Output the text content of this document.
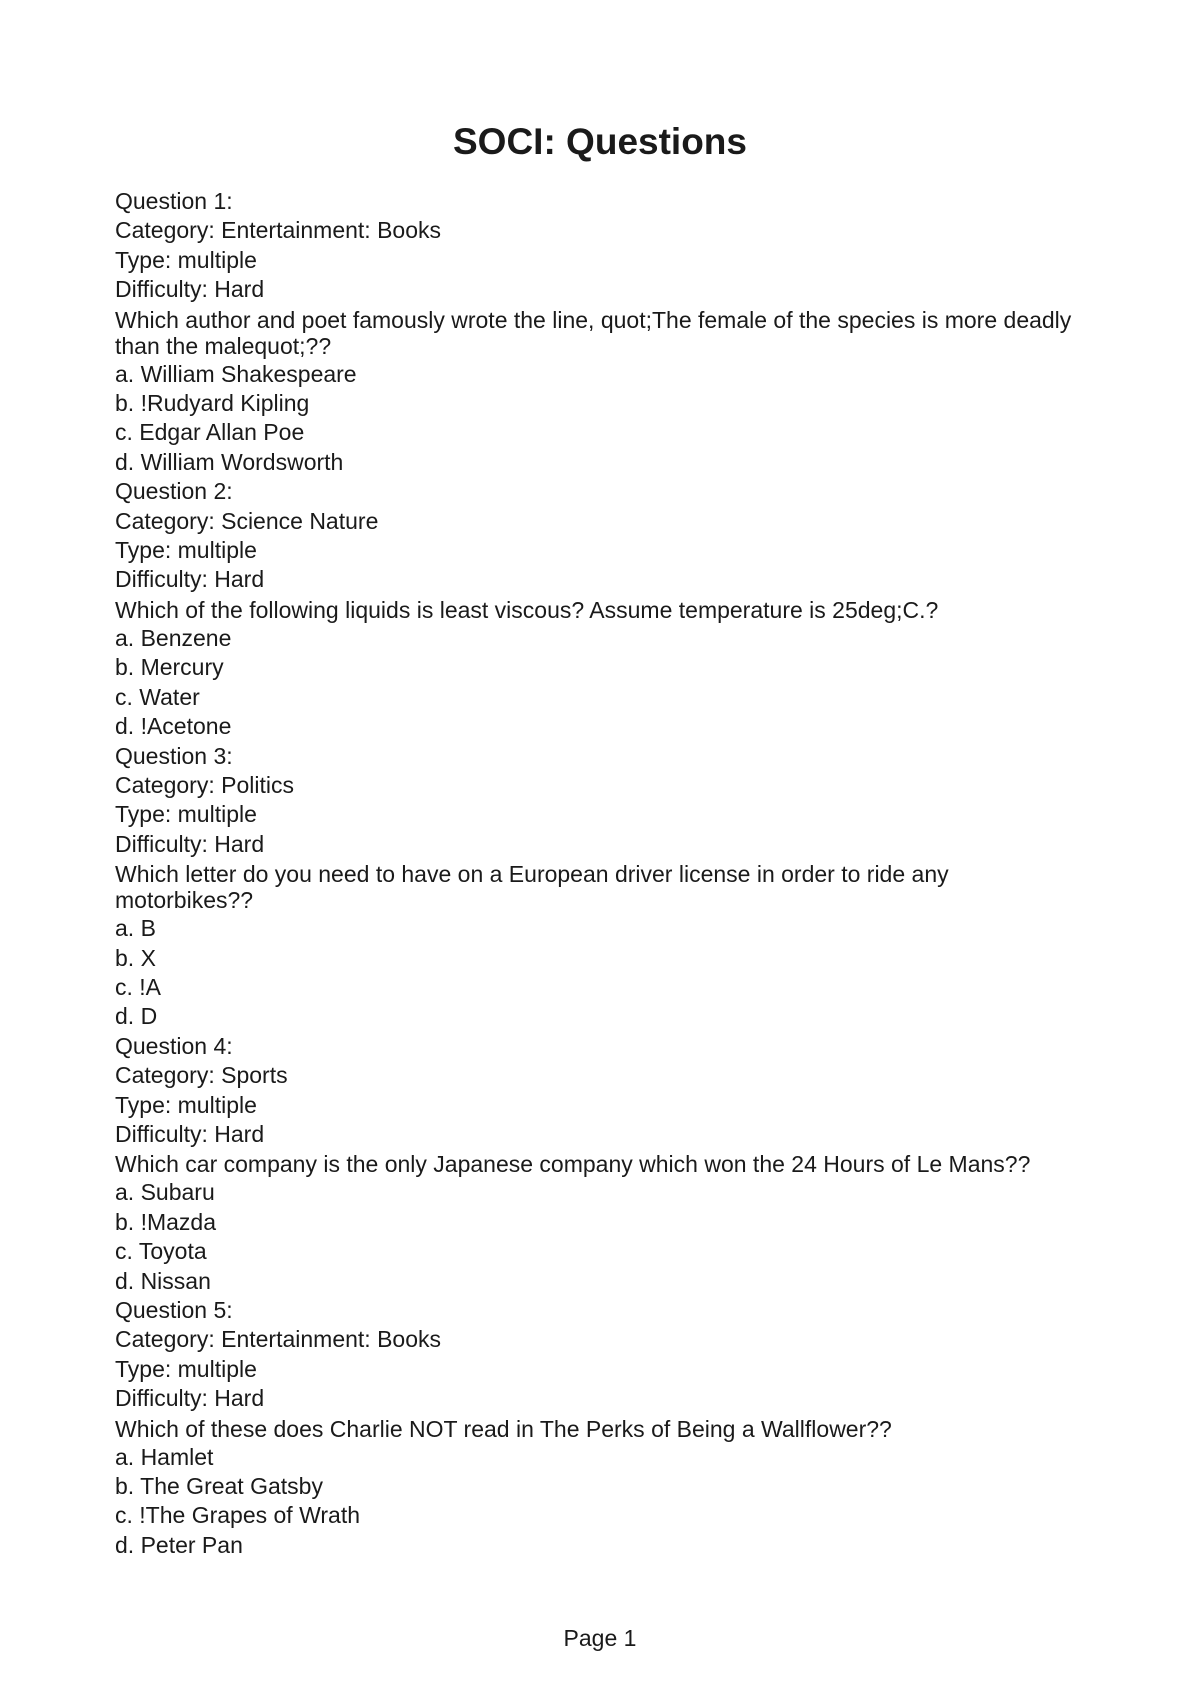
SOCI: Questions
Question 1:
Category: Entertainment: Books
Type: multiple
Difficulty: Hard
Which author and poet famously wrote the line, quot;The female of the species is more deadly than the malequot;??
a. William Shakespeare
b. !Rudyard Kipling
c. Edgar Allan Poe
d. William Wordsworth
Question 2:
Category: Science Nature
Type: multiple
Difficulty: Hard
Which of the following liquids is least viscous? Assume temperature is 25deg;C.?
a. Benzene
b. Mercury
c. Water
d. !Acetone
Question 3:
Category: Politics
Type: multiple
Difficulty: Hard
Which letter do you need to have on a European driver license in order to ride any motorbikes??
a. B
b. X
c. !A
d. D
Question 4:
Category: Sports
Type: multiple
Difficulty: Hard
Which car company is the only Japanese company which won the 24 Hours of Le Mans??
a. Subaru
b. !Mazda
c. Toyota
d. Nissan
Question 5:
Category: Entertainment: Books
Type: multiple
Difficulty: Hard
Which of these does Charlie NOT read in The Perks of Being a Wallflower??
a. Hamlet
b. The Great Gatsby
c. !The Grapes of Wrath
d. Peter Pan
Page 1
